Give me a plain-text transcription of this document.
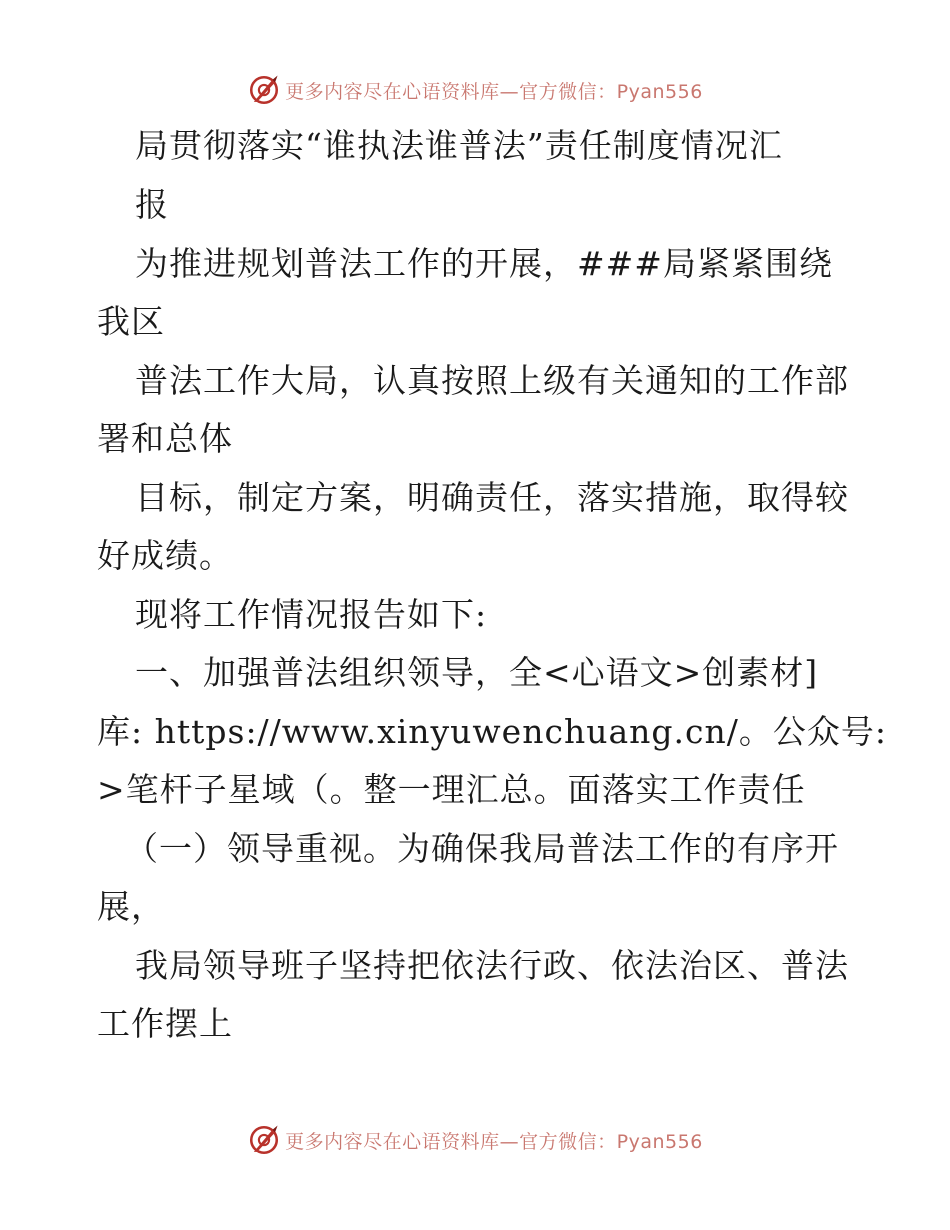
更多内容尽在心语资料库—官方微信：Pyan556
局贯彻落实“谁执法谁普法”责任制度情况汇
报
为推进规划普法工作的开展，###局紧紧围绕
我区
普法工作大局，认真按照上级有关通知的工作部
署和总体
目标，制定方案，明确责任，落实措施，取得较
好成绩。
现将工作情况报告如下:
一、加强普法组织领导，全<心语文>创素材]
库: https://www.xinyuwenchuang.cn/。公众号:
>笔杆子星域（。整一理汇总。面落实工作责任
（一）领导重视。为确保我局普法工作的有序开
展，
我局领导班子坚持把依法行政、依法治区、普法
工作摆上
更多内容尽在心语资料库—官方微信：Pyan556
